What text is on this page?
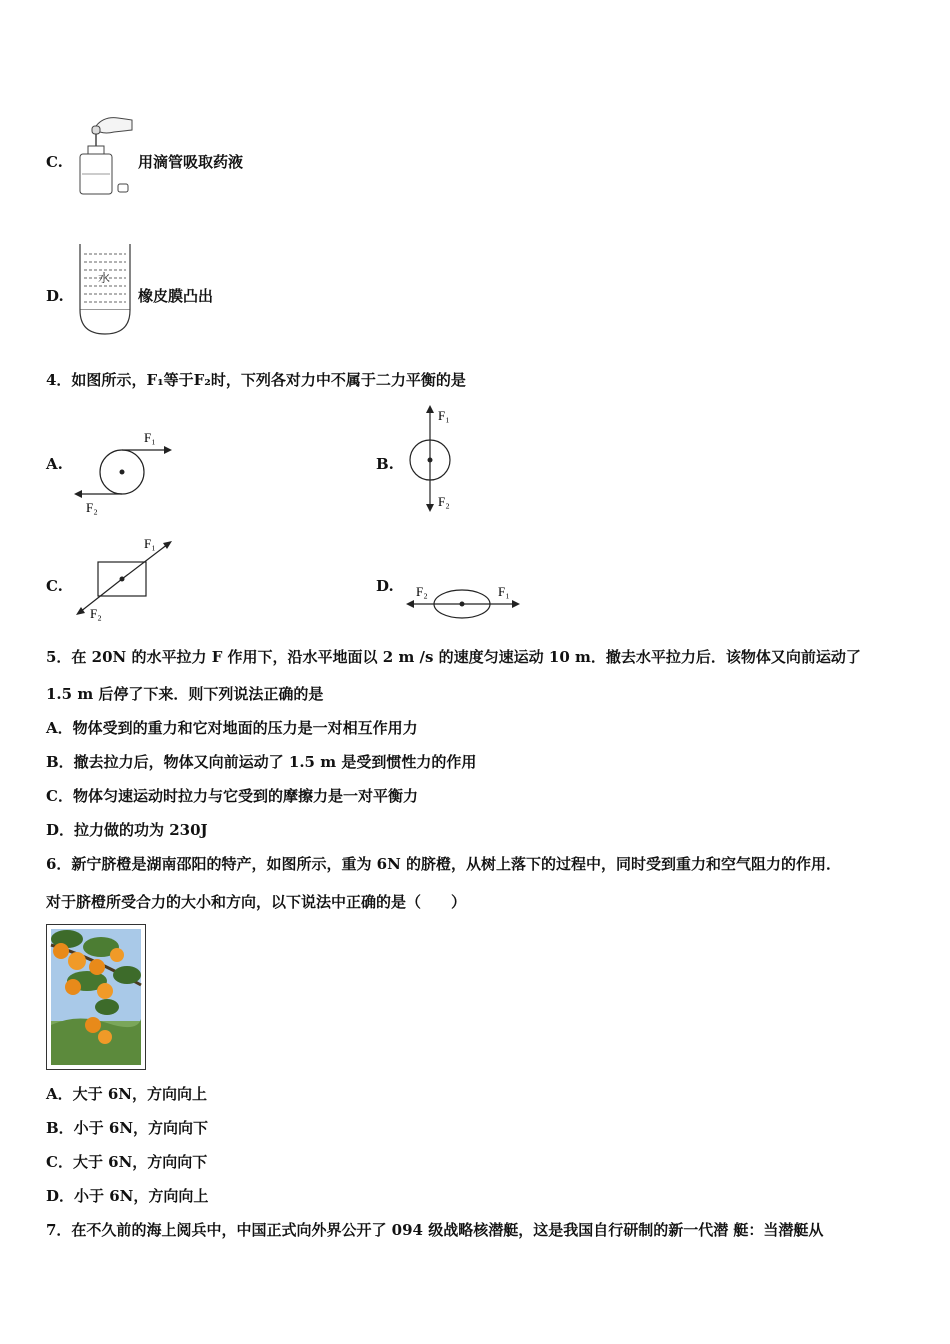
C.	用滴管吸取药液
D.
水
橡皮膜凸出
4．如图所示，F₁等于F₂时，下列各对力中不属于二力平衡的是
A.
F₁
F₂
B.
F₁
F₂
C.
F₁
F₂
D. F₂	F₁
5．在 20N 的水平拉力 F 作用下，沿水平地面以 2 m /s 的速度匀速运动 10 m．撤去水平拉力后．该物体又向前运动了
1.5 m 后停了下来．则下列说法正确的是
A．物体受到的重力和它对地面的压力是一对相互作用力
B．撤去拉力后，物体又向前运动了 1.5 m 是受到惯性力的作用
C．物体匀速运动时拉力与它受到的摩擦力是一对平衡力
D．拉力做的功为 230J
6．新宁脐橙是湖南邵阳的特产，如图所示，重为 6N 的脐橙，从树上落下的过程中，同时受到重力和空气阻力的作用．
对于脐橙所受合力的大小和方向，以下说法中正确的是（　　）
A．大于 6N，方向向上
B．小于 6N，方向向下
C．大于 6N，方向向下
D．小于 6N，方向向上
7．在不久前的海上阅兵中，中国正式向外界公开了 094 级战略核潜艇，这是我国自行研制的新一代潜 艇：当潜艇从
